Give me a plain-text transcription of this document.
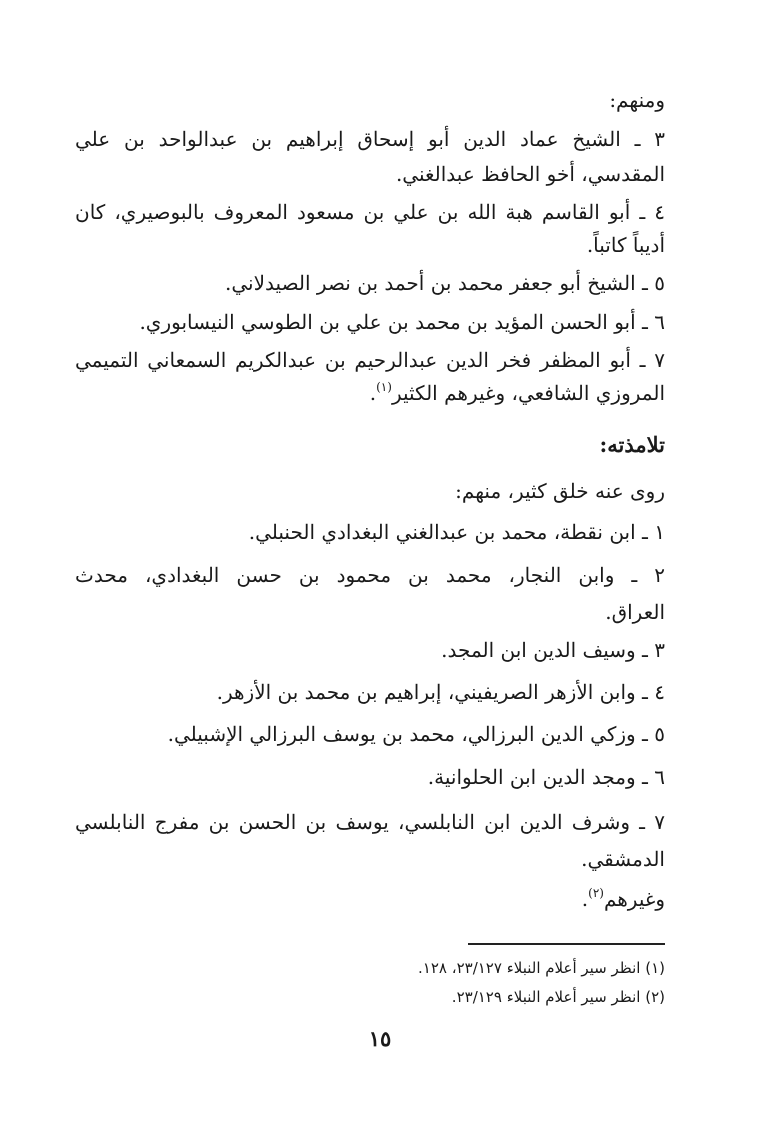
ومنهم:
٣ ـ الشيخ عماد الدين أبو إسحاق إبراهيم بن عبدالواحد بن علي
المقدسي، أخو الحافظ عبدالغني.
٤ ـ أبو القاسم هبة الله بن علي بن مسعود المعروف بالبوصيري، كان
أديباً كاتباً.
٥ ـ الشيخ أبو جعفر محمد بن أحمد بن نصر الصيدلاني.
٦ ـ أبو الحسن المؤيد بن محمد بن علي بن الطوسي النيسابوري.
٧ ـ أبو المظفر فخر الدين عبدالرحيم بن عبدالكريم السمعاني التميمي
المروزي الشافعي، وغيرهم الكثير$^{(١)}$.
تلامذته:
روى عنه خلق كثير، منهم:
١ ـ ابن نقطة، محمد بن عبدالغني البغدادي الحنبلي.
٢ ـ وابن النجار، محمد بن محمود بن حسن البغدادي، محدث
العراق.
٣ ـ وسيف الدين ابن المجد.
٤ ـ وابن الأزهر الصريفيني، إبراهيم بن محمد بن الأزهر.
٥ ـ وزكي الدين البرزالي، محمد بن يوسف البرزالي الإشبيلي.
٦ ـ ومجد الدين ابن الحلوانية.
٧ ـ وشرف الدين ابن النابلسي، يوسف بن الحسن بن مفرج النابلسي
الدمشقي.
وغيرهم$^{(٢)}$.
(١) انظر سير أعلام النبلاء ٢٣/١٢٧، ١٢٨.
(٢) انظر سير أعلام النبلاء ٢٣/١٢٩.
١٥
